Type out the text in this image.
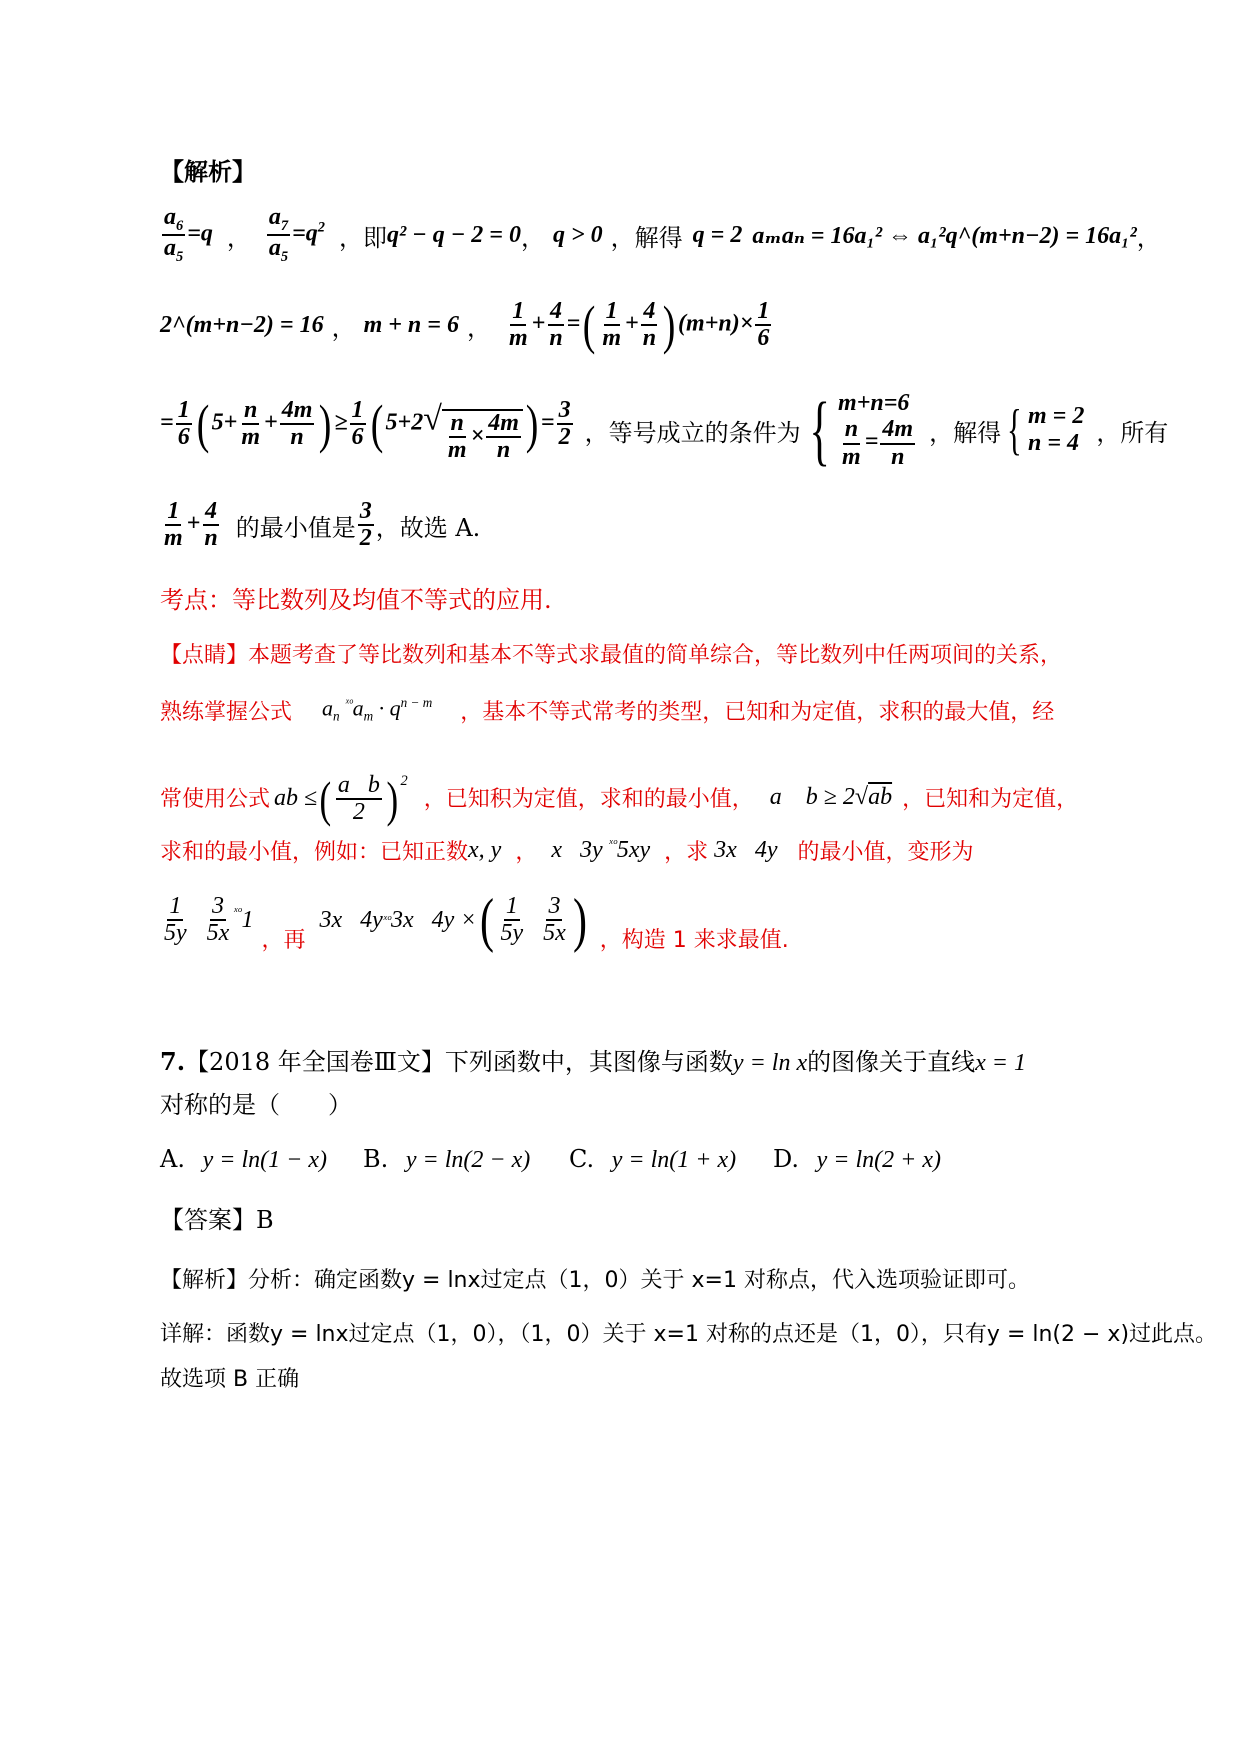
【解析】
$\frac{a_6}{a_5} =q$ ， $\frac{a_7}{a_5} =q^2$ ，即 q² − q − 2 = 0 ， q > 0 ，解得 q = 2 aₘaₙ = 16a₁² ⇔ a₁²q^(m+n−2) = 16a₁² ，
2^(m+n−2) = 16 ， m + n = 6 ， $\frac{1}{m} + \frac{4}{n}$ =( $\frac{1}{m} + \frac{4}{n}$ ) $(m+n)\times \frac{1}{6}$
= $\frac{1}{6}$ ( $5+ \frac{n}{m} + \frac{4m}{n}$ ) ≥ $\frac{1}{6}$ ( $5+2√ \frac{n}{m} \times \frac{4m}{n}$ ) = $\frac{3}{2}$ ，等号成立的条件为 { m+n=6
$\frac{n}{m} = \frac{4m}{n}$ ，解得 { m = 2
n = 4 ，所有
$\frac{1}{m} + \frac{4}{n}$ 的最小值是 $\frac{3}{2}$ ，故选 A.
考点：等比数列及均值不等式的应用.
【点睛】本题考查了等比数列和基本不等式求最值的简单综合，等比数列中任两项间的关系，
熟练掌握公式 $a_n$ $^{ˣᵒ}a_m \cdot q^{n - m}$ ，基本不等式常考的类型，已知和为定值，求积的最大值，经
常使用公式 ab ≤ ( $\frac{\text{a   b}}{2} )^2$
，已知积为定值，求和的最小值， a    b ≥ 2√ab ，已知和为定值，
求和的最小值，例如：已知正数 x, y ， x   3y $^{ˣᵒ}$5xy ，求 3x   4y 的最小值，变形为
$\frac{1}{5y}$
$\frac{3}{5x}^{ˣᵒ}$ 1
，再
3x   4y ˣᵒ 3x   4y × ( $\frac{1}{5y}$
$\frac{3}{5x}$ ) ，构造 1 来求最值.
7. 【2018 年全国卷Ⅲ文】 下列函数中，其图像与函数 y = ln x 的图像关于直线 x = 1
对称的是（　　）
A. y = ln(1 − x) B. y = ln(2 − x) C. y = ln(1 + x) D. y = ln(2 + x)
【答案】B
【解析】分析：确定函数y = lnx过定点（1，0）关于 x=1 对称点，代入选项验证即可。
详解：函数y = lnx过定点（1，0），（1，0）关于 x=1 对称的点还是（1，0），只有y = ln(2 − x)过此点。
故选项 B 正确
